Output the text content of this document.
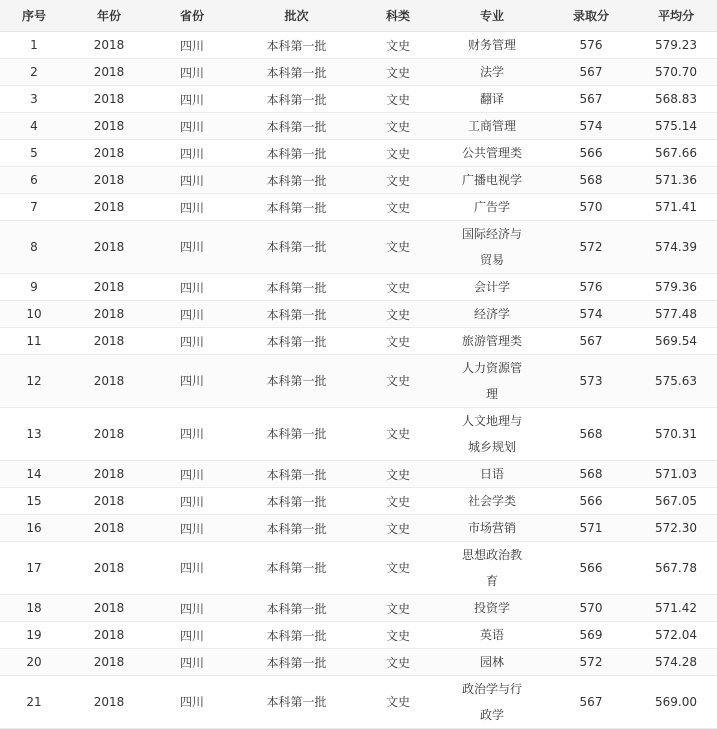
序号	年份	省份	批次	科类	专业	录取分	平均分
1	2018	四川	本科第一批	文史	财务管理	576	579.23
2	2018	四川	本科第一批	文史	法学	567	570.70
3	2018	四川	本科第一批	文史	翻译	567	568.83
4	2018	四川	本科第一批	文史	工商管理	574	575.14
5	2018	四川	本科第一批	文史	公共管理类	566	567.66
6	2018	四川	本科第一批	文史	广播电视学	568	571.36
7	2018	四川	本科第一批	文史	广告学	570	571.41
8	2018	四川	本科第一批	文史	国际经济与贸易	572	574.39
9	2018	四川	本科第一批	文史	会计学	576	579.36
10	2018	四川	本科第一批	文史	经济学	574	577.48
11	2018	四川	本科第一批	文史	旅游管理类	567	569.54
12	2018	四川	本科第一批	文史	人力资源管理	573	575.63
13	2018	四川	本科第一批	文史	人文地理与城乡规划	568	570.31
14	2018	四川	本科第一批	文史	日语	568	571.03
15	2018	四川	本科第一批	文史	社会学类	566	567.05
16	2018	四川	本科第一批	文史	市场营销	571	572.30
17	2018	四川	本科第一批	文史	思想政治教育	566	567.78
18	2018	四川	本科第一批	文史	投资学	570	571.42
19	2018	四川	本科第一批	文史	英语	569	572.04
20	2018	四川	本科第一批	文史	园林	572	574.28
21	2018	四川	本科第一批	文史	政治学与行政学	567	569.00
